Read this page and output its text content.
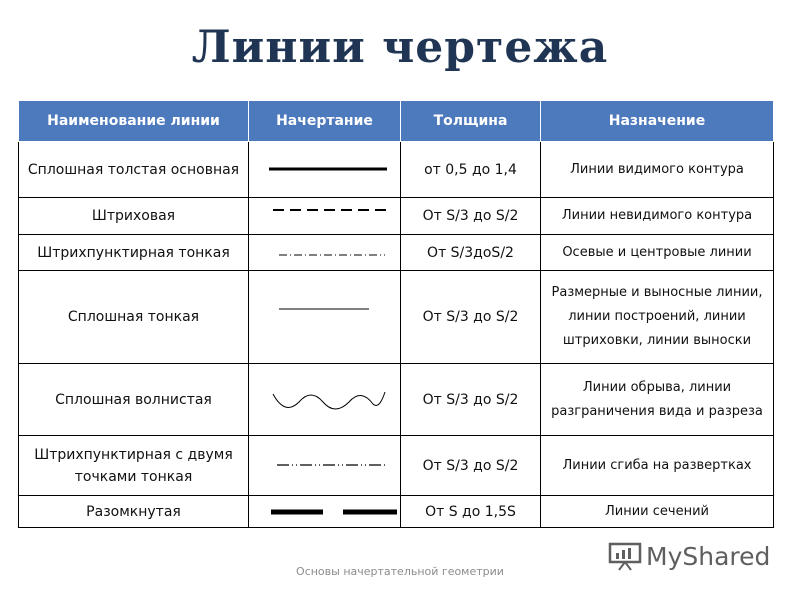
Линии чертежа
Наименование линии	Начертание	Толщина	Назначение
Сплошная толстая основная		от 0,5 до 1,4	Линии видимого контура
Штриховая		От S/3 до S/2	Линии невидимого контура
Штрихпунктирная тонкая		От S/3доS/2	Осевые и центровые линии
Сплошная тонкая		От S/3 до S/2	Размерные и выносные линии, линии построений, линии штриховки, линии выноски
Сплошная волнистая		От S/3 до S/2	Линии обрыва, линии разграничения вида и разреза
Штрихпунктирная с двумя точками тонкая		От S/3 до S/2	Линии сгиба на развертках
Разомкнутая		От S до 1,5S	Линии сечений
Основы начертательной геометрии
MyShared
